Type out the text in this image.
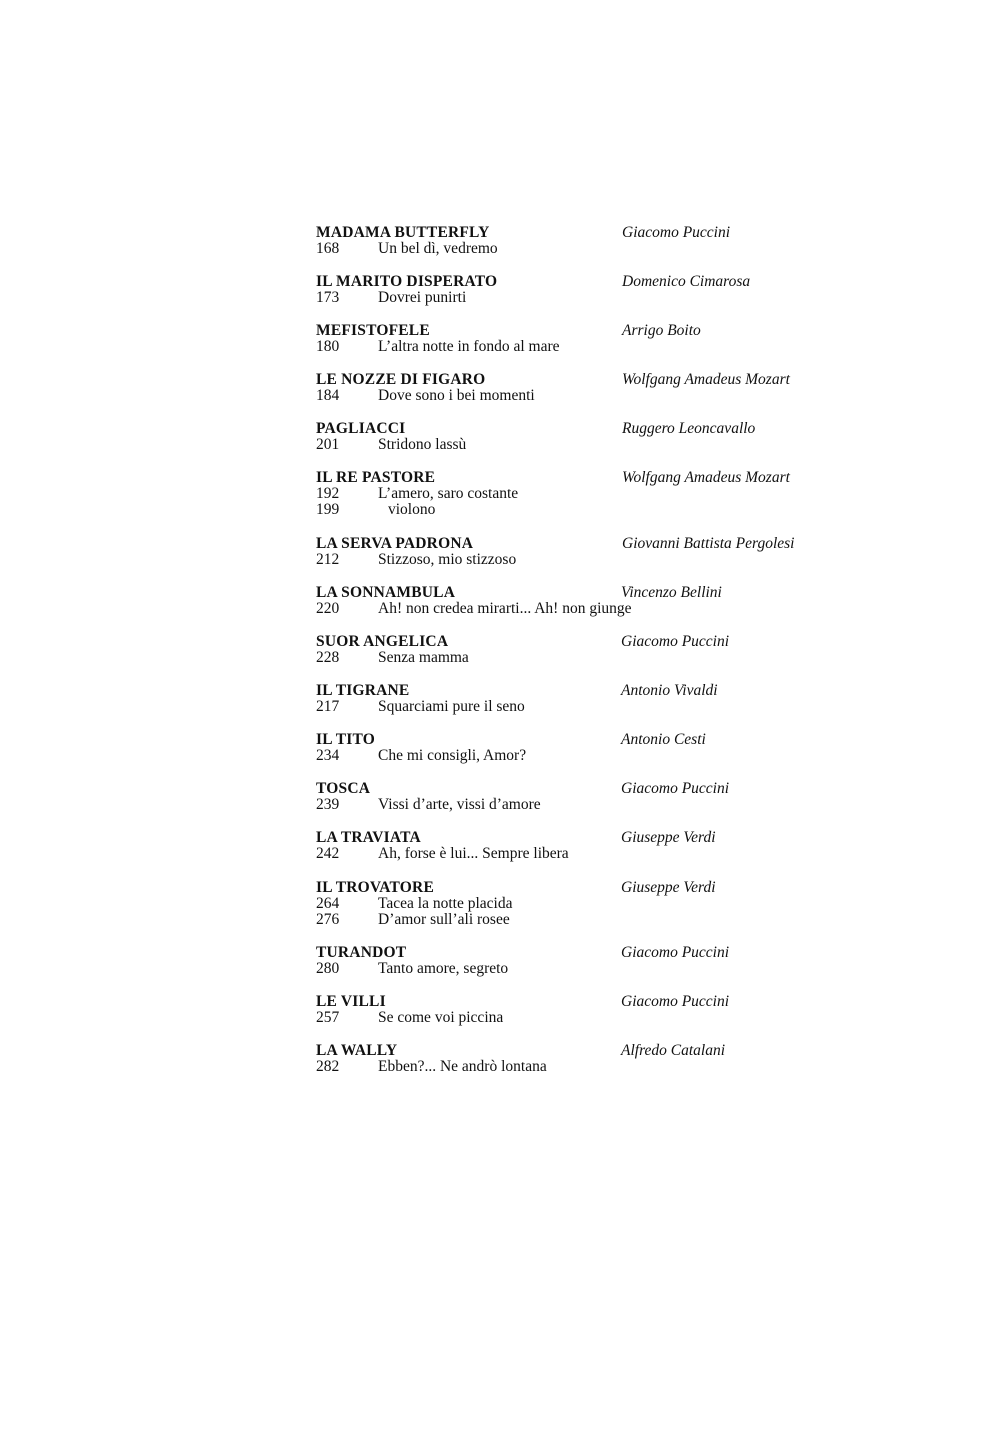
MADAMA BUTTERFLY	Giacomo Puccini
168	Un bel dì, vedremo
IL MARITO DISPERATO	Domenico Cimarosa
173	Dovrei punirti
MEFISTOFELE	Arrigo Boito
180	L’altra notte in fondo al mare
LE NOZZE DI FIGARO	Wolfgang Amadeus Mozart
184	Dove sono i bei momenti
PAGLIACCI	Ruggero Leoncavallo
201	Stridono lassù
IL RE PASTORE	Wolfgang Amadeus Mozart
192	L’amero, saro costante
199	violono
LA SERVA PADRONA	Giovanni Battista Pergolesi
212	Stizzoso, mio stizzoso
LA SONNAMBULA	Vincenzo Bellini
220	Ah! non credea mirarti... Ah! non giunge
SUOR ANGELICA	Giacomo Puccini
228	Senza mamma
IL TIGRANE	Antonio Vivaldi
217	Squarciami pure il seno
IL TITO	Antonio Cesti
234	Che mi consigli, Amor?
TOSCA	Giacomo Puccini
239	Vissi d’arte, vissi d’amore
LA TRAVIATA	Giuseppe Verdi
242	Ah, forse è lui... Sempre libera
IL TROVATORE	Giuseppe Verdi
264	Tacea la notte placida
276	D’amor sull’ali rosee
TURANDOT	Giacomo Puccini
280	Tanto amore, segreto
LE VILLI	Giacomo Puccini
257	Se come voi piccina
LA WALLY	Alfredo Catalani
282	Ebben?... Ne andrò lontana
